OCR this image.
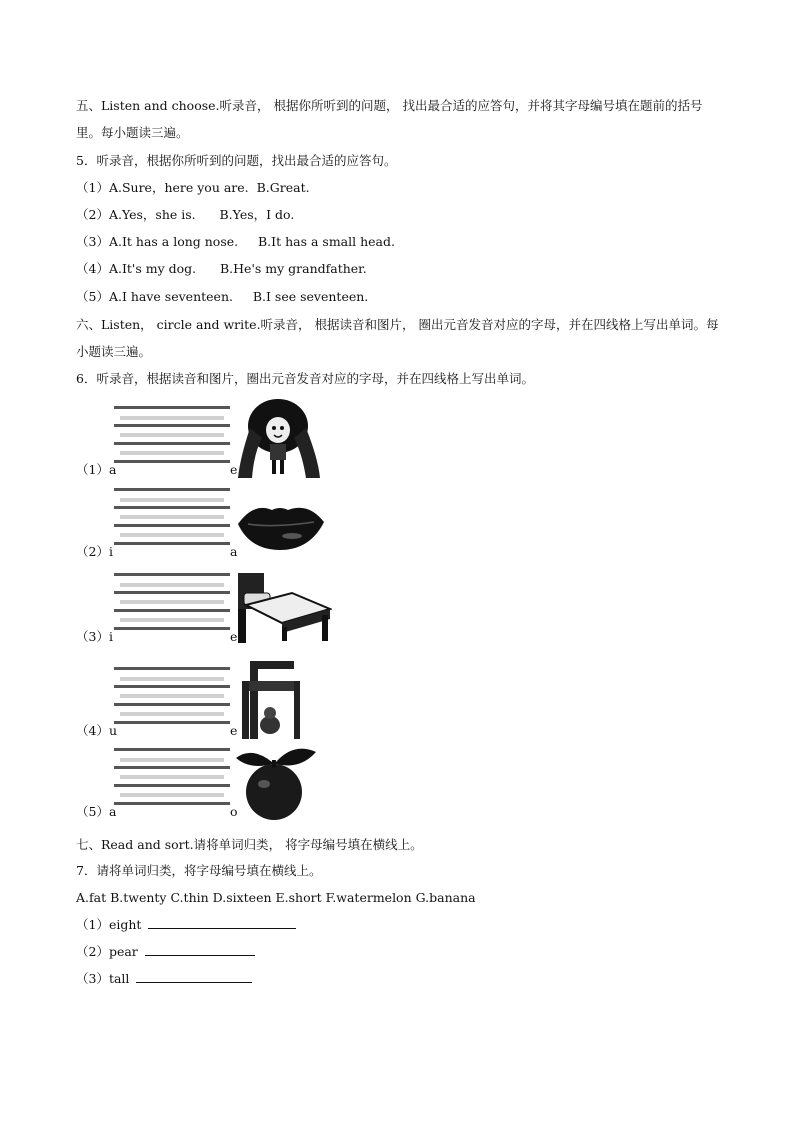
五、Listen and choose.听录音， 根据你所听到的问题， 找出最合适的应答句，并将其字母编号填在题前的括号里。每小题读三遍。
5．听录音，根据你所听到的问题，找出最合适的应答句。
（1）A.Sure，here you are. B.Great.
（2）A.Yes，she is. B.Yes，I do.
（3）A.It has a long nose. B.It has a small head.
（4）A.It's my dog. B.He's my grandfather.
（5）A.I have seventeen. B.I see seventeen.
六、Listen， circle and write.听录音， 根据读音和图片， 圈出元音发音对应的字母，并在四线格上写出单词。每小题读三遍。
6．听录音，根据读音和图片，圈出元音发音对应的字母，并在四线格上写出单词。
（1）a	e
（2）i	a
（3）i	e
（4）u	e
（5）a	o
七、Read and sort.请将单词归类， 将字母编号填在横线上。
7．请将单词归类，将字母编号填在横线上。
A.fat B.twenty C.thin D.sixteen E.short F.watermelon G.banana
（1）eight
（2）pear
（3）tall
